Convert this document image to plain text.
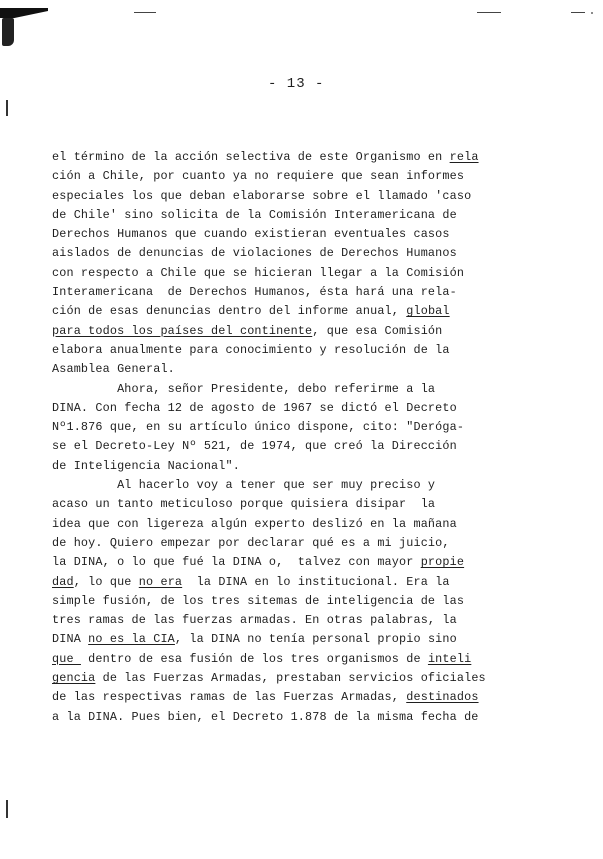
- 13 -
el término de la acción selectiva de este Organismo en rela
ción a Chile, por cuanto ya no requiere que sean informes
especiales los que deban elaborarse sobre el llamado 'caso
de Chile' sino solicita de la Comisión Interamericana de
Derechos Humanos que cuando existieran eventuales casos
aislados de denuncias de violaciones de Derechos Humanos
con respecto a Chile que se hicieran llegar a la Comisión
Interamericana  de Derechos Humanos, ésta hará una rela-
ción de esas denuncias dentro del informe anual, global
para todos los países del continente, que esa Comisión
elabora anualmente para conocimiento y resolución de la
Asamblea General.
Ahora, señor Presidente, debo referirme a la
DINA. Con fecha 12 de agosto de 1967 se dictó el Decreto
Nº1.876 que, en su artículo único dispone, cito: "Deróga-
se el Decreto-Ley Nº 521, de 1974, que creó la Dirección
de Inteligencia Nacional".
Al hacerlo voy a tener que ser muy preciso y
acaso un tanto meticuloso porque quisiera disipar  la
idea que con ligereza algún experto deslizó en la mañana
de hoy. Quiero empezar por declarar qué es a mi juicio,
la DINA, o lo que fué la DINA o,  talvez con mayor propie
dad, lo que no era  la DINA en lo institucional. Era la
simple fusión, de los tres sitemas de inteligencia de las
tres ramas de las fuerzas armadas. En otras palabras, la
DINA no es la CIA, la DINA no tenía personal propio sino
que  dentro de esa fusión de los tres organismos de inteli
gencia de las Fuerzas Armadas, prestaban servicios oficiales
de las respectivas ramas de las Fuerzas Armadas, destinados
a la DINA. Pues bien, el Decreto 1.878 de la misma fecha de
